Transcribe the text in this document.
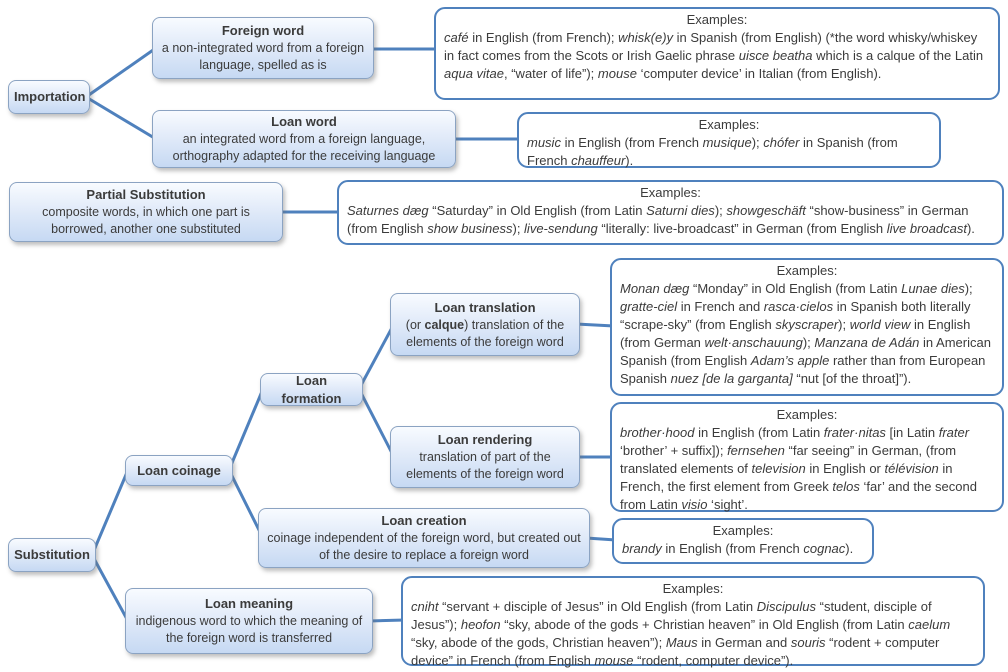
Importation
Foreign word
a non-integrated word from a foreign language, spelled as is
Loan word
an integrated word from a foreign language, orthography adapted for the receiving language
Partial Substitution
composite words, in which one part is borrowed, another one substituted
Substitution
Loan coinage
Loan formation
Loan translation
(or calque) translation of the elements of the foreign word
Loan rendering
translation of part of the elements of the foreign word
Loan creation
coinage independent of the foreign word, but created out of the desire to replace a foreign word
Loan meaning
indigenous word to which the meaning of the foreign word is transferred
Examples:
café in English (from French); whisk(e)y in Spanish (from English) (*the word whisky/whiskey in fact comes from the Scots or Irish Gaelic phrase uisce beatha which is a calque of the Latin aqua vitae, “water of life”); mouse ‘computer device’ in Italian (from English).
Examples:
music in English (from French musique); chófer in Spanish (from French chauffeur).
Examples:
Saturnes dæg “Saturday” in Old English (from Latin Saturni dies); showgeschäft “show-business” in German (from English show business); live-sendung “literally: live-broadcast” in German (from English live broadcast).
Examples:
Monan dæg “Monday” in Old English (from Latin Lunae dies); gratte-ciel in French and rasca·cielos in Spanish both literally “scrape-sky” (from English skyscraper); world view in English (from German welt·anschauung); Manzana de Adán in American Spanish (from English Adam’s apple rather than from European Spanish nuez [de la garganta] “nut [of the throat]”).
Examples:
brother·hood in English (from Latin frater·nitas [in Latin frater ‘brother’ + suffix]); fernsehen “far seeing” in German, (from translated elements of television in English or télévision in French, the first element from Greek telos ‘far’ and the second from Latin visio ‘sight’.
Examples:
brandy in English (from French cognac).
Examples:
cniht “servant + disciple of Jesus” in Old English (from Latin Discipulus “student, disciple of Jesus”); heofon “sky, abode of the gods + Christian heaven” in Old English (from Latin caelum “sky, abode of the gods, Christian heaven”); Maus in German and souris “rodent + computer device” in French (from English mouse “rodent, computer device”).
